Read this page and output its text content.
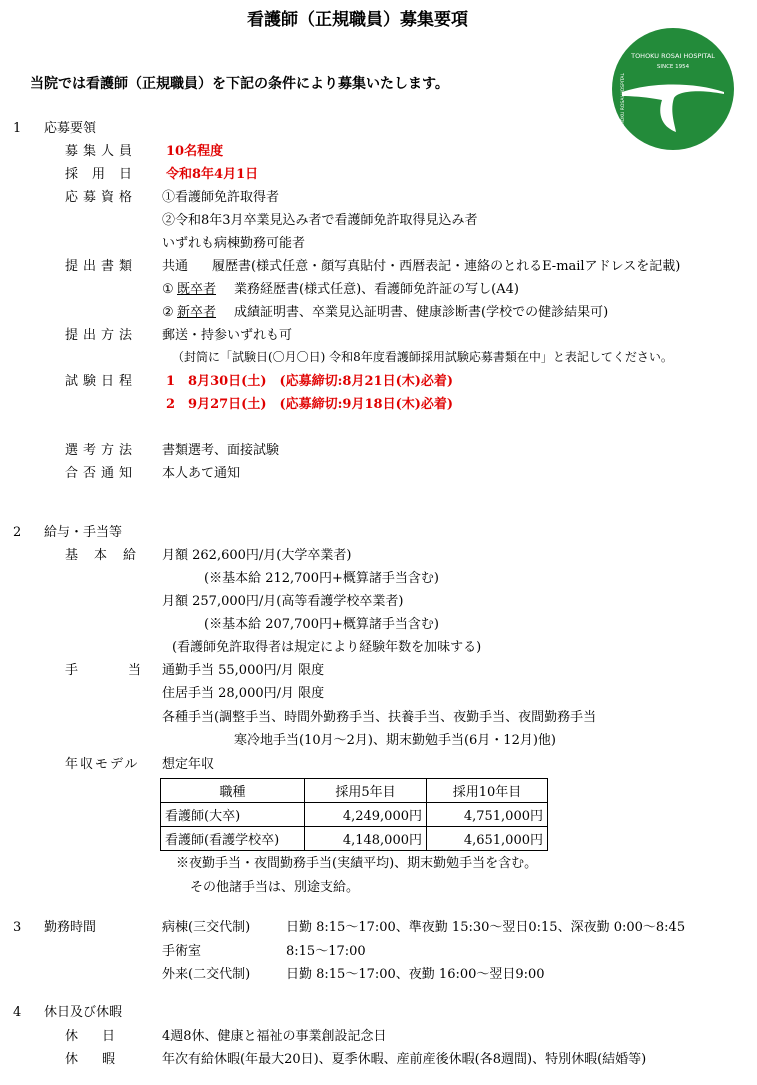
看護師（正規職員）募集要項
当院では看護師（正規職員）を下記の条件により募集いたします。
TOHOKU ROSAI HOSPITAL
SINCE 1954
TOHOKU ROSAI HOSPITAL
1 応募要領
募集人員 10名程度
採用日 令和8年4月1日
応募資格 ①看護師免許取得者
②令和8年3月卒業見込み者で看護師免許取得見込み者
いずれも病棟勤務可能者
提出書類 共通 履歴書(様式任意・顔写真貼付・西暦表記・連絡のとれるE-mailアドレスを記載)
① 既卒者 業務経歴書(様式任意)、看護師免許証の写し(A4)
② 新卒者 成績証明書、卒業見込証明書、健康診断書(学校での健診結果可)
提出方法 郵送・持参いずれも可
（封筒に「試験日(〇月〇日) 令和8年度看護師採用試験応募書類在中」と表記してください。
試験日程 1　8月30日(土)　(応募締切:8月21日(木)必着)
2　9月27日(土)　(応募締切:9月18日(木)必着)
選考方法 書類選考、面接試験
合否通知 本人あて通知
2 給与・手当等
基本給 月額 262,600円/月(大学卒業者)
(※基本給 212,700円+概算諸手当含む)
月額 257,000円/月(高等看護学校卒業者)
(※基本給 207,700円+概算諸手当含む)
(看護師免許取得者は規定により経験年数を加味する)
手当
通勤手当 55,000円/月 限度
住居手当 28,000円/月 限度
各種手当(調整手当、時間外勤務手当、扶養手当、夜勤手当、夜間勤務手当
寒冷地手当(10月～2月)、期末勤勉手当(6月・12月)他)
年収モデル 想定年収
職種	採用5年目	採用10年目
看護師(大卒)	4,249,000円	4,751,000円
看護師(看護学校卒)	4,148,000円	4,651,000円
※夜勤手当・夜間勤務手当(実績平均)、期末勤勉手当を含む。
その他諸手当は、別途支給。
3 勤務時間	病棟(三交代制)	日勤 8:15～17:00、準夜勤 15:30～翌日0:15、深夜勤 0:00～8:45
手術室	8:15～17:00
外来(二交代制)	日勤 8:15～17:00、夜勤 16:00～翌日9:00
4 休日及び休暇
休日 4週8休、健康と福祉の事業創設記念日
休暇 年次有給休暇(年最大20日)、夏季休暇、産前産後休暇(各8週間)、特別休暇(結婚等)
